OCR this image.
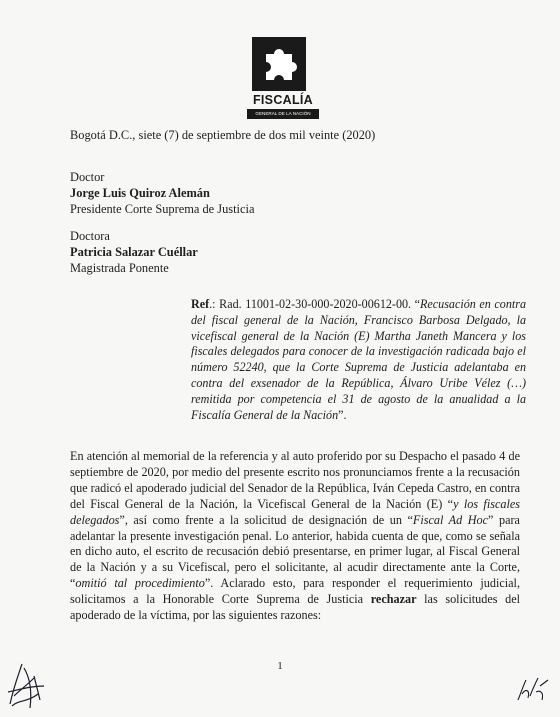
FISCALÍA
GENERAL DE LA NACIÓN
Bogotá D.C., siete (7) de septiembre de dos mil veinte (2020)
Doctor
Jorge Luis Quiroz Alemán
Presidente Corte Suprema de Justicia
Doctora
Patricia Salazar Cuéllar
Magistrada Ponente
Ref.: Rad. 11001-02-30-000-2020-00612-00. “Recusación en contra del fiscal general de la Nación, Francisco Barbosa Delgado, la vicefiscal general de la Nación (E) Martha Janeth Mancera y los fiscales delegados para conocer de la investigación radicada bajo el número 52240, que la Corte Suprema de Justicia adelantaba en contra del exsenador de la República, Álvaro Uribe Vélez (…) remitida por competencia el 31 de agosto de la anualidad a la Fiscalía General de la Nación”.
En atención al memorial de la referencia y al auto proferido por su Despacho el pasado 4 de septiembre de 2020, por medio del presente escrito nos pronunciamos frente a la recusación que radicó el apoderado judicial del Senador de la República, Iván Cepeda Castro, en contra del Fiscal General de la Nación, la Vicefiscal General de la Nación (E) “y los fiscales delegados”, así como frente a la solicitud de designación de un “Fiscal Ad Hoc” para adelantar la presente investigación penal. Lo anterior, habida cuenta de que, como se señala en dicho auto, el escrito de recusación debió presentarse, en primer lugar, al Fiscal General de la Nación y a su Vicefiscal, pero el solicitante, al acudir directamente ante la Corte, “omitió tal procedimiento”. Aclarado esto, para responder el requerimiento judicial, solicitamos a la Honorable Corte Suprema de Justicia rechazar las solicitudes del apoderado de la víctima, por las siguientes razones:
1
